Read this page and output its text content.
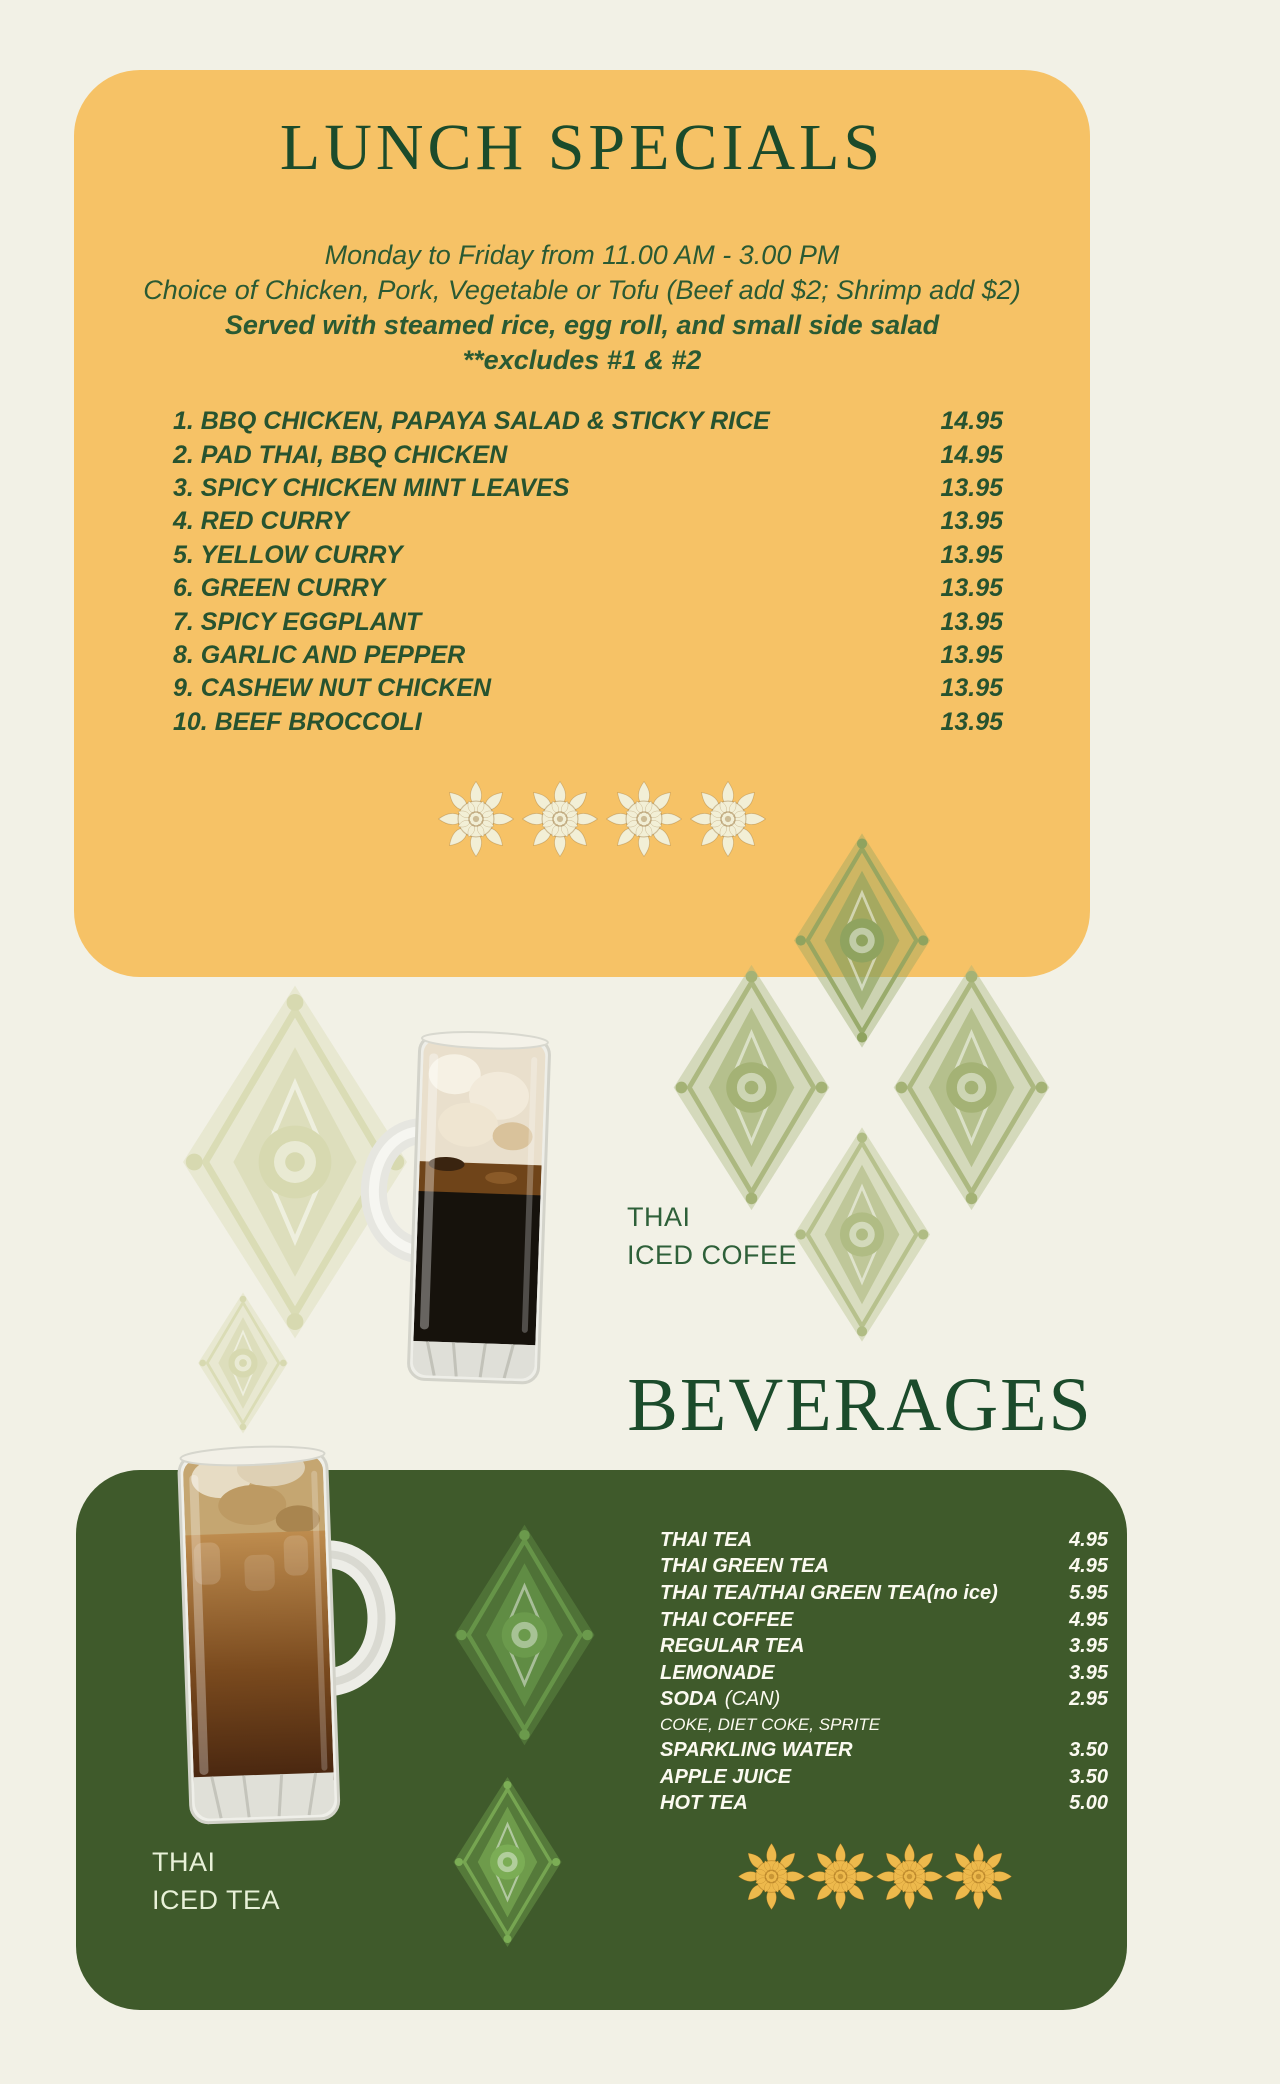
LUNCH SPECIALS

Monday to Friday from 11.00 AM - 3.00 PM

Choice of Chicken, Pork, Vegetable or Tofu (Beef add $2; Shrimp add $2)

Served with steamed rice, egg roll, and small side salad

**excludes #1 & #2

1. BBQ CHICKEN, PAPAYA SALAD & STICKY RICE	14.95
2. PAD THAI, BBQ CHICKEN	14.95
3. SPICY CHICKEN MINT LEAVES	13.95
4. RED CURRY	13.95
5. YELLOW CURRY	13.95
6. GREEN CURRY	13.95
7. SPICY EGGPLANT	13.95
8. GARLIC AND PEPPER	13.95
9. CASHEW NUT CHICKEN	13.95
10. BEEF BROCCOLI	13.95
THAI
ICED COFEE
BEVERAGES
THAI TEA	4.95
THAI GREEN TEA	4.95
THAI TEA/THAI GREEN TEA(no ice)	5.95
THAI COFFEE	4.95
REGULAR TEA	3.95
LEMONADE	3.95
SODA (CAN)	2.95
COKE, DIET COKE, SPRITE
SPARKLING WATER	3.50
APPLE JUICE	3.50
HOT TEA	5.00
THAI
ICED TEA
